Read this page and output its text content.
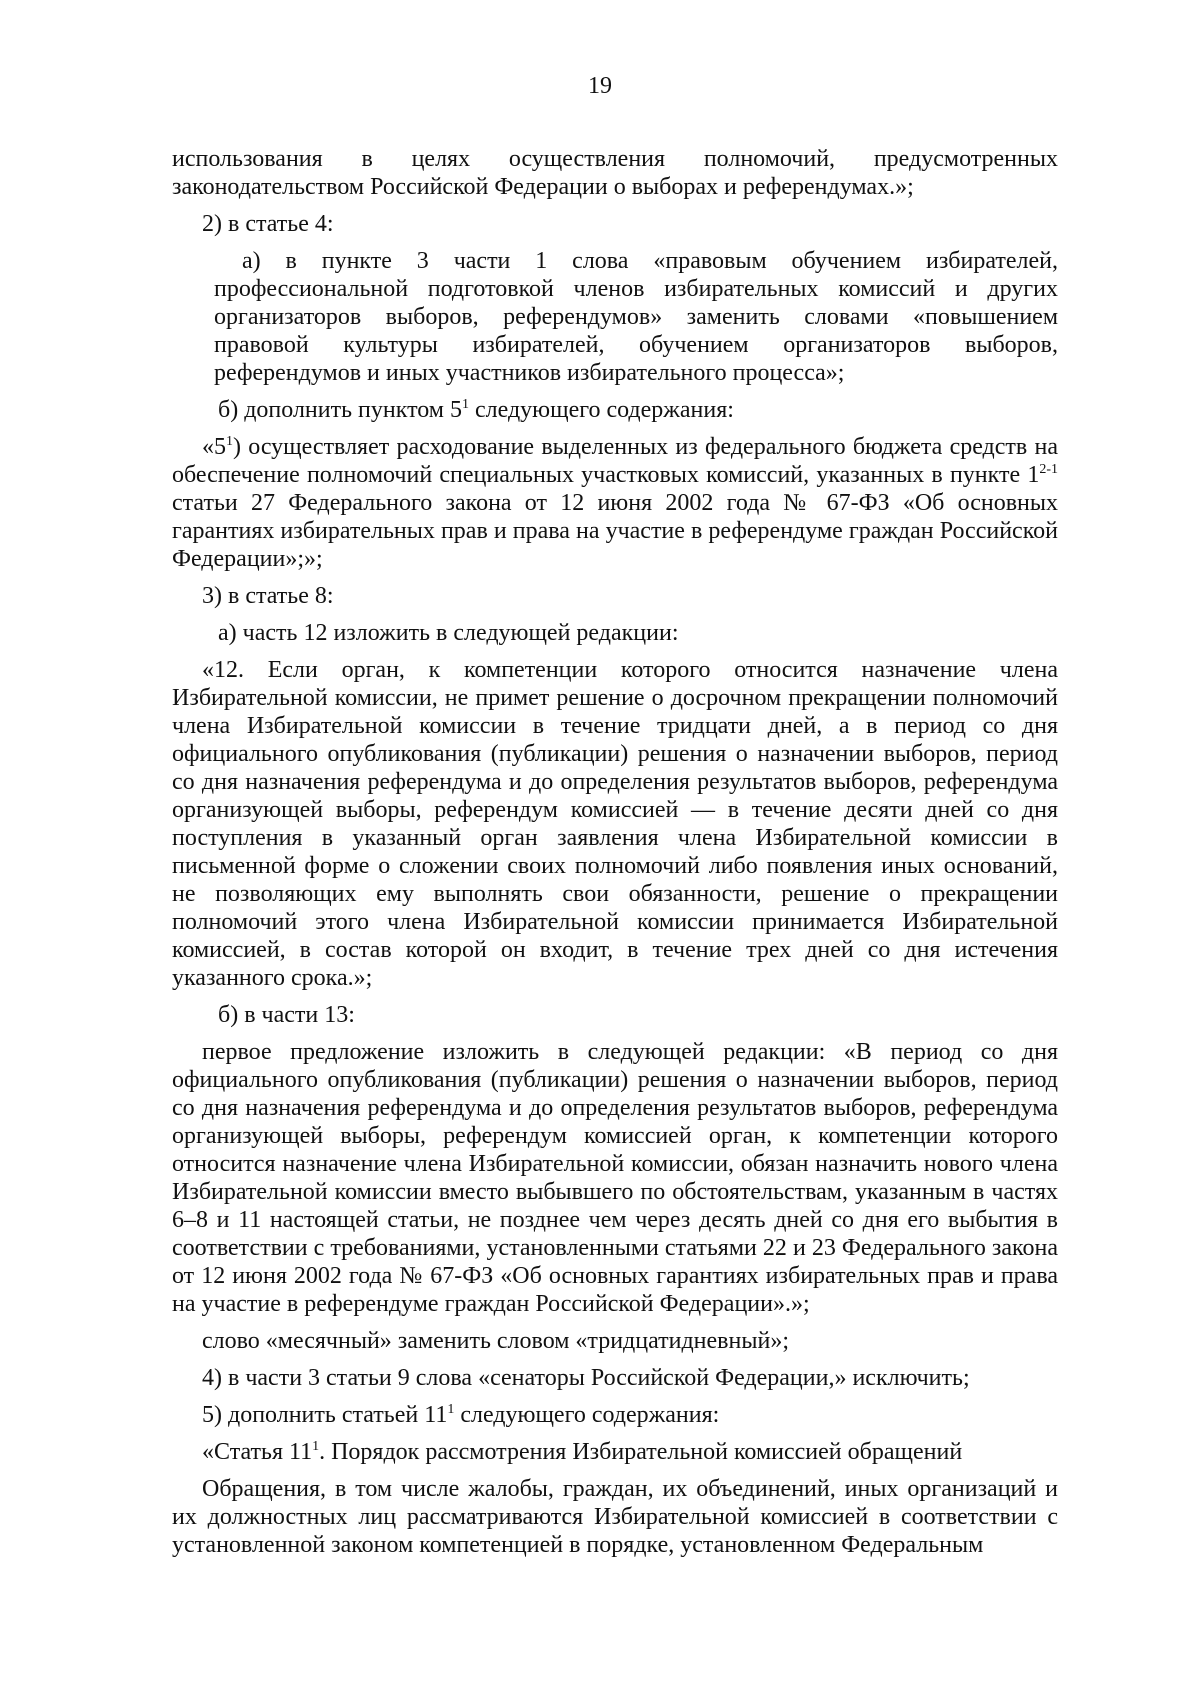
19

использования в целях осуществления полномочий, предусмотренных законодательством Российской Федерации о выборах и референдумах.»;

2) в статье 4:

а) в пункте 3 части 1 слова «правовым обучением избирателей, профессиональной подготовкой членов избирательных комиссий и других организаторов выборов, референдумов» заменить словами «повышением правовой культуры избирателей, обучением организаторов выборов, референдумов и иных участников избирательного процесса»;

б) дополнить пунктом $5^1$ следующего содержания:

«$5^1$) осуществляет расходование выделенных из федерального бюджета средств на обеспечение полномочий специальных участковых комиссий, указанных в пункте 1$^{2-1}$ статьи 27 Федерального закона от 12 июня 2002 года № 67-ФЗ «Об основных гарантиях избирательных прав и права на участие в референдуме граждан Российской Федерации»;»;

3) в статье 8:

а) часть 12 изложить в следующей редакции:

«12. Если орган, к компетенции которого относится назначение члена Избирательной комиссии, не примет решение о досрочном прекращении полномочий члена Избирательной комиссии в течение тридцати дней, а в период со дня официального опубликования (публикации) решения о назначении выборов, период со дня назначения референдума и до определения результатов выборов, референдума организующей выборы, референдум комиссией — в течение десяти дней со дня поступления в указанный орган заявления члена Избирательной комиссии в письменной форме о сложении своих полномочий либо появления иных оснований, не позволяющих ему выполнять свои обязанности, решение о прекращении полномочий этого члена Избирательной комиссии принимается Избирательной комиссией, в состав которой он входит, в течение трех дней со дня истечения указанного срока.»;

б) в части 13:

первое предложение изложить в следующей редакции: «В период со дня официального опубликования (публикации) решения о назначении выборов, период со дня назначения референдума и до определения результатов выборов, референдума организующей выборы, референдум комиссией орган, к компетенции которого относится назначение члена Избирательной комиссии, обязан назначить нового члена Избирательной комиссии вместо выбывшего по обстоятельствам, указанным в частях 6–8 и 11 настоящей статьи, не позднее чем через десять дней со дня его выбытия в соответствии с требованиями, установленными статьями 22 и 23 Федерального закона от 12 июня 2002 года № 67-ФЗ «Об основных гарантиях избирательных прав и права на участие в референдуме граждан Российской Федерации».»;

слово «месячный» заменить словом «тридцатидневный»;

4) в части 3 статьи 9 слова «сенаторы Российской Федерации,» исключить;

5) дополнить статьей $11^1$ следующего содержания:

«Статья $11^1$. Порядок рассмотрения Избирательной комиссией обращений

Обращения, в том числе жалобы, граждан, их объединений, иных организаций и их должностных лиц рассматриваются Избирательной комиссией в соответствии с установленной законом компетенцией в порядке, установленном Федеральным
